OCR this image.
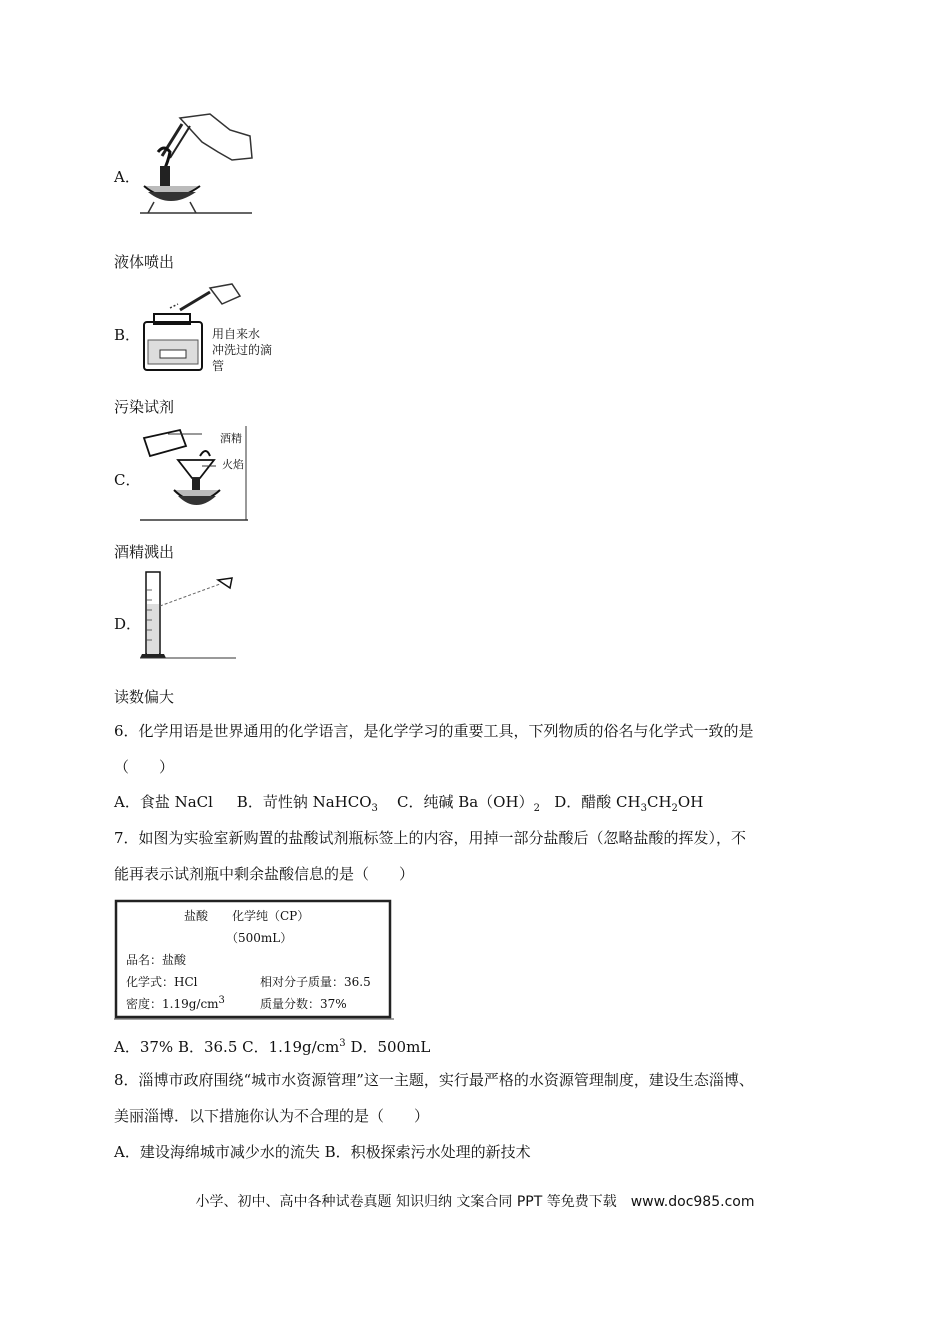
A．
液体喷出
用自来水
冲洗过的滴管
B．
污染试剂
酒精
火焰
C．
酒精溅出
D．
读数偏大
6．化学用语是世界通用的化学语言，是化学学习的重要工具，下列物质的俗名与化学式一致的是
（　　）
A．食盐 NaCl B．苛性钠 NaHCO$_3$ C．纯碱 $Ba(OH)_2$ D．醋酸 $CH_3CH_2OH$
7．如图为实验室新购置的盐酸试剂瓶标签上的内容，用掉一部分盐酸后（忽略盐酸的挥发），不
能再表示试剂瓶中剩余盐酸信息的是（　　）
盐酸　　化学纯（CP）
（500mL）
品名：盐酸
化学式：HCl	相对分子质量：36.5
密度：$1.19g/cm^3$	质量分数：37%
A．37% B．36.5 C．$1.19g/cm^3$ D．500mL
8．淄博市政府围绕“城市水资源管理”这一主题，实行最严格的水资源管理制度，建设生态淄博、
美丽淄博．以下措施你认为不合理的是（　　）
A．建设海绵城市减少水的流失 B．积极探索污水处理的新技术
小学、初中、高中各种试卷真题 知识归纳 文案合同 PPT 等免费下载　www.doc985.com
